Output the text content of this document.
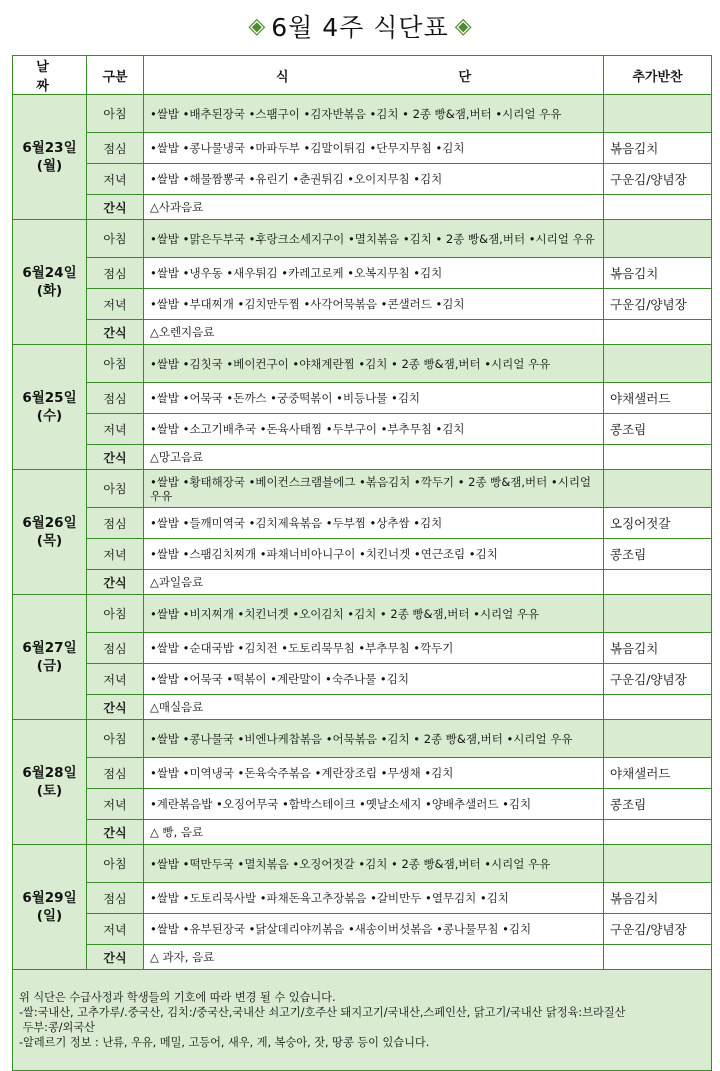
◈ 6월 4주 식단표 ◈
날 짜	구분	식 단	추가반찬

6월23일
(월)	아침	•쌀밥 •배추된장국 •스팸구이 •김자반볶음 •김치 • 2종 빵&잼,버터 •시리얼 우유	
	점심	•쌀밥 •콩나물냉국 •마파두부 •김말이튀김 •단무지무침 •김치	볶음김치
	저녁	•쌀밥 •해물짬뽕국 •유린기 •춘권튀김 •오이지무침 •김치	구운김/양념장
	간식	△사과음료	

6월24일
(화)	아침	•쌀밥 •맑은두부국 •후랑크소세지구이 •멸치볶음 •김치 • 2종 빵&잼,버터 •시리얼 우유	
	점심	•쌀밥 •냉우동 •새우튀김 •카레고로케 •오복지무침 •김치	볶음김치
	저녁	•쌀밥 •부대찌개 •김치만두찜 •사각어묵볶음 •콘샐러드 •김치	구운김/양념장
	간식	△오렌지음료	

6월25일
(수)	아침	•쌀밥 •김칫국 •베이컨구이 •야채계란찜 •김치 • 2종 빵&잼,버터 •시리얼 우유	
	점심	•쌀밥 •어묵국 •돈까스 •궁중떡볶이 •비등나물 •김치	야채샐러드
	저녁	•쌀밥 •소고기배추국 •돈육사태찜 •두부구이 •부추무침 •김치	콩조림
	간식	△망고음료	

6월26일
(목)	아침	•쌀밥 •황태해장국 •베이컨스크램블에그 •볶음김치 •깍두기 • 2종 빵&잼,버터 •시리얼 우유	
	점심	•쌀밥 •들깨미역국 •김치제육볶음 •두부찜 •상추쌈 •김치	오징어젓갈
	저녁	•쌀밥 •스팸김치찌개 •파채너비아니구이 •치킨너겟 •연근조림 •김치	콩조림
	간식	△과일음료	

6월27일
(금)	아침	•쌀밥 •비지찌개 •치킨너겟 •오이김치 •김치 • 2종 빵&잼,버터 •시리얼 우유	
	점심	•쌀밥 •순대국밥 •김치전 •도토리묵무침 •부추무침 •깍두기	볶음김치
	저녁	•쌀밥 •어묵국 •떡볶이 •계란말이 •숙주나물 •김치	구운김/양념장
	간식	△매실음료	

6월28일
(토)	아침	•쌀밥 •콩나물국 •비엔나케찹볶음 •어묵볶음 •김치 • 2종 빵&잼,버터 •시리얼 우유	
	점심	•쌀밥 •미역냉국 •돈육숙주볶음 •계란장조림 •무생채 •김치	야채샐러드
	저녁	•계란볶음밥 •오징어무국 •함박스테이크 •옛날소세지 •양배추샐러드 •김치	콩조림
	간식	△ 빵, 음료	

6월29일
(일)	아침	•쌀밥 •떡만두국 •멸치볶음 •오징어젓갈 •김치 • 2종 빵&잼,버터 •시리얼 우유	
	점심	•쌀밥 •도토리묵사발 •파채돈육고추장볶음 •갈비만두 •열무김치 •김치	볶음김치
	저녁	•쌀밥 •유부된장국 •닭살데리야끼볶음 •새송이버섯볶음 •콩나물무침 •김치	구운김/양념장
	간식	△ 과자, 음료	

위 식단은 수급사정과 학생들의 기호에 따라 변경 될 수 있습니다.
-쌀:국내산, 고추가루/.중국산, 김치:/중국산,국내산 쇠고기/호주산 돼지고기/국내산,스페인산, 닭고기/국내산 닭정육:브라질산
두부:콩/외국산
-알레르기 정보 : 난류, 우유, 메밀, 고등어, 새우, 게, 복숭아, 잣, 땅콩 등이 있습니다.			
